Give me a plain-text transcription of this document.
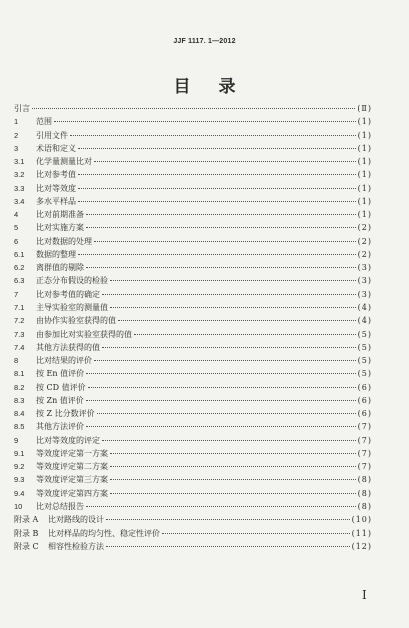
JJF 1117. 1—2012
目录
引言	(Ⅱ)
1	范围	(1)
2	引用文件	(1)
3	术语和定义	(1)
3.1	化学量测量比对	(1)
3.2	比对参考值	(1)
3.3	比对等效度	(1)
3.4	多水平样品	(1)
4	比对前期准备	(1)
5	比对实施方案	(2)
6	比对数据的处理	(2)
6.1	数据的整理	(2)
6.2	离群值的剔除	(3)
6.3	正态分布假设的检验	(3)
7	比对参考值的确定	(3)
7.1	主导实验室的测量值	(4)
7.2	由协作实验室获得的值	(4)
7.3	由参加比对实验室获得的值	(5)
7.4	其他方法获得的值	(5)
8	比对结果的评价	(5)
8.1	按 En 值评价	(5)
8.2	按 CD 值评价	(6)
8.3	按 Zn 值评价	(6)
8.4	按 Z 比分数评价	(6)
8.5	其他方法评价	(7)
9	比对等效度的评定	(7)
9.1	等效度评定第一方案	(7)
9.2	等效度评定第二方案	(7)
9.3	等效度评定第三方案	(8)
9.4	等效度评定第四方案	(8)
10	比对总结报告	(8)
附录 A	比对路线的设计	(10)
附录 B	比对样品的均匀性、稳定性评价	(11)
附录 C	相容性检验方法	(12)
I
